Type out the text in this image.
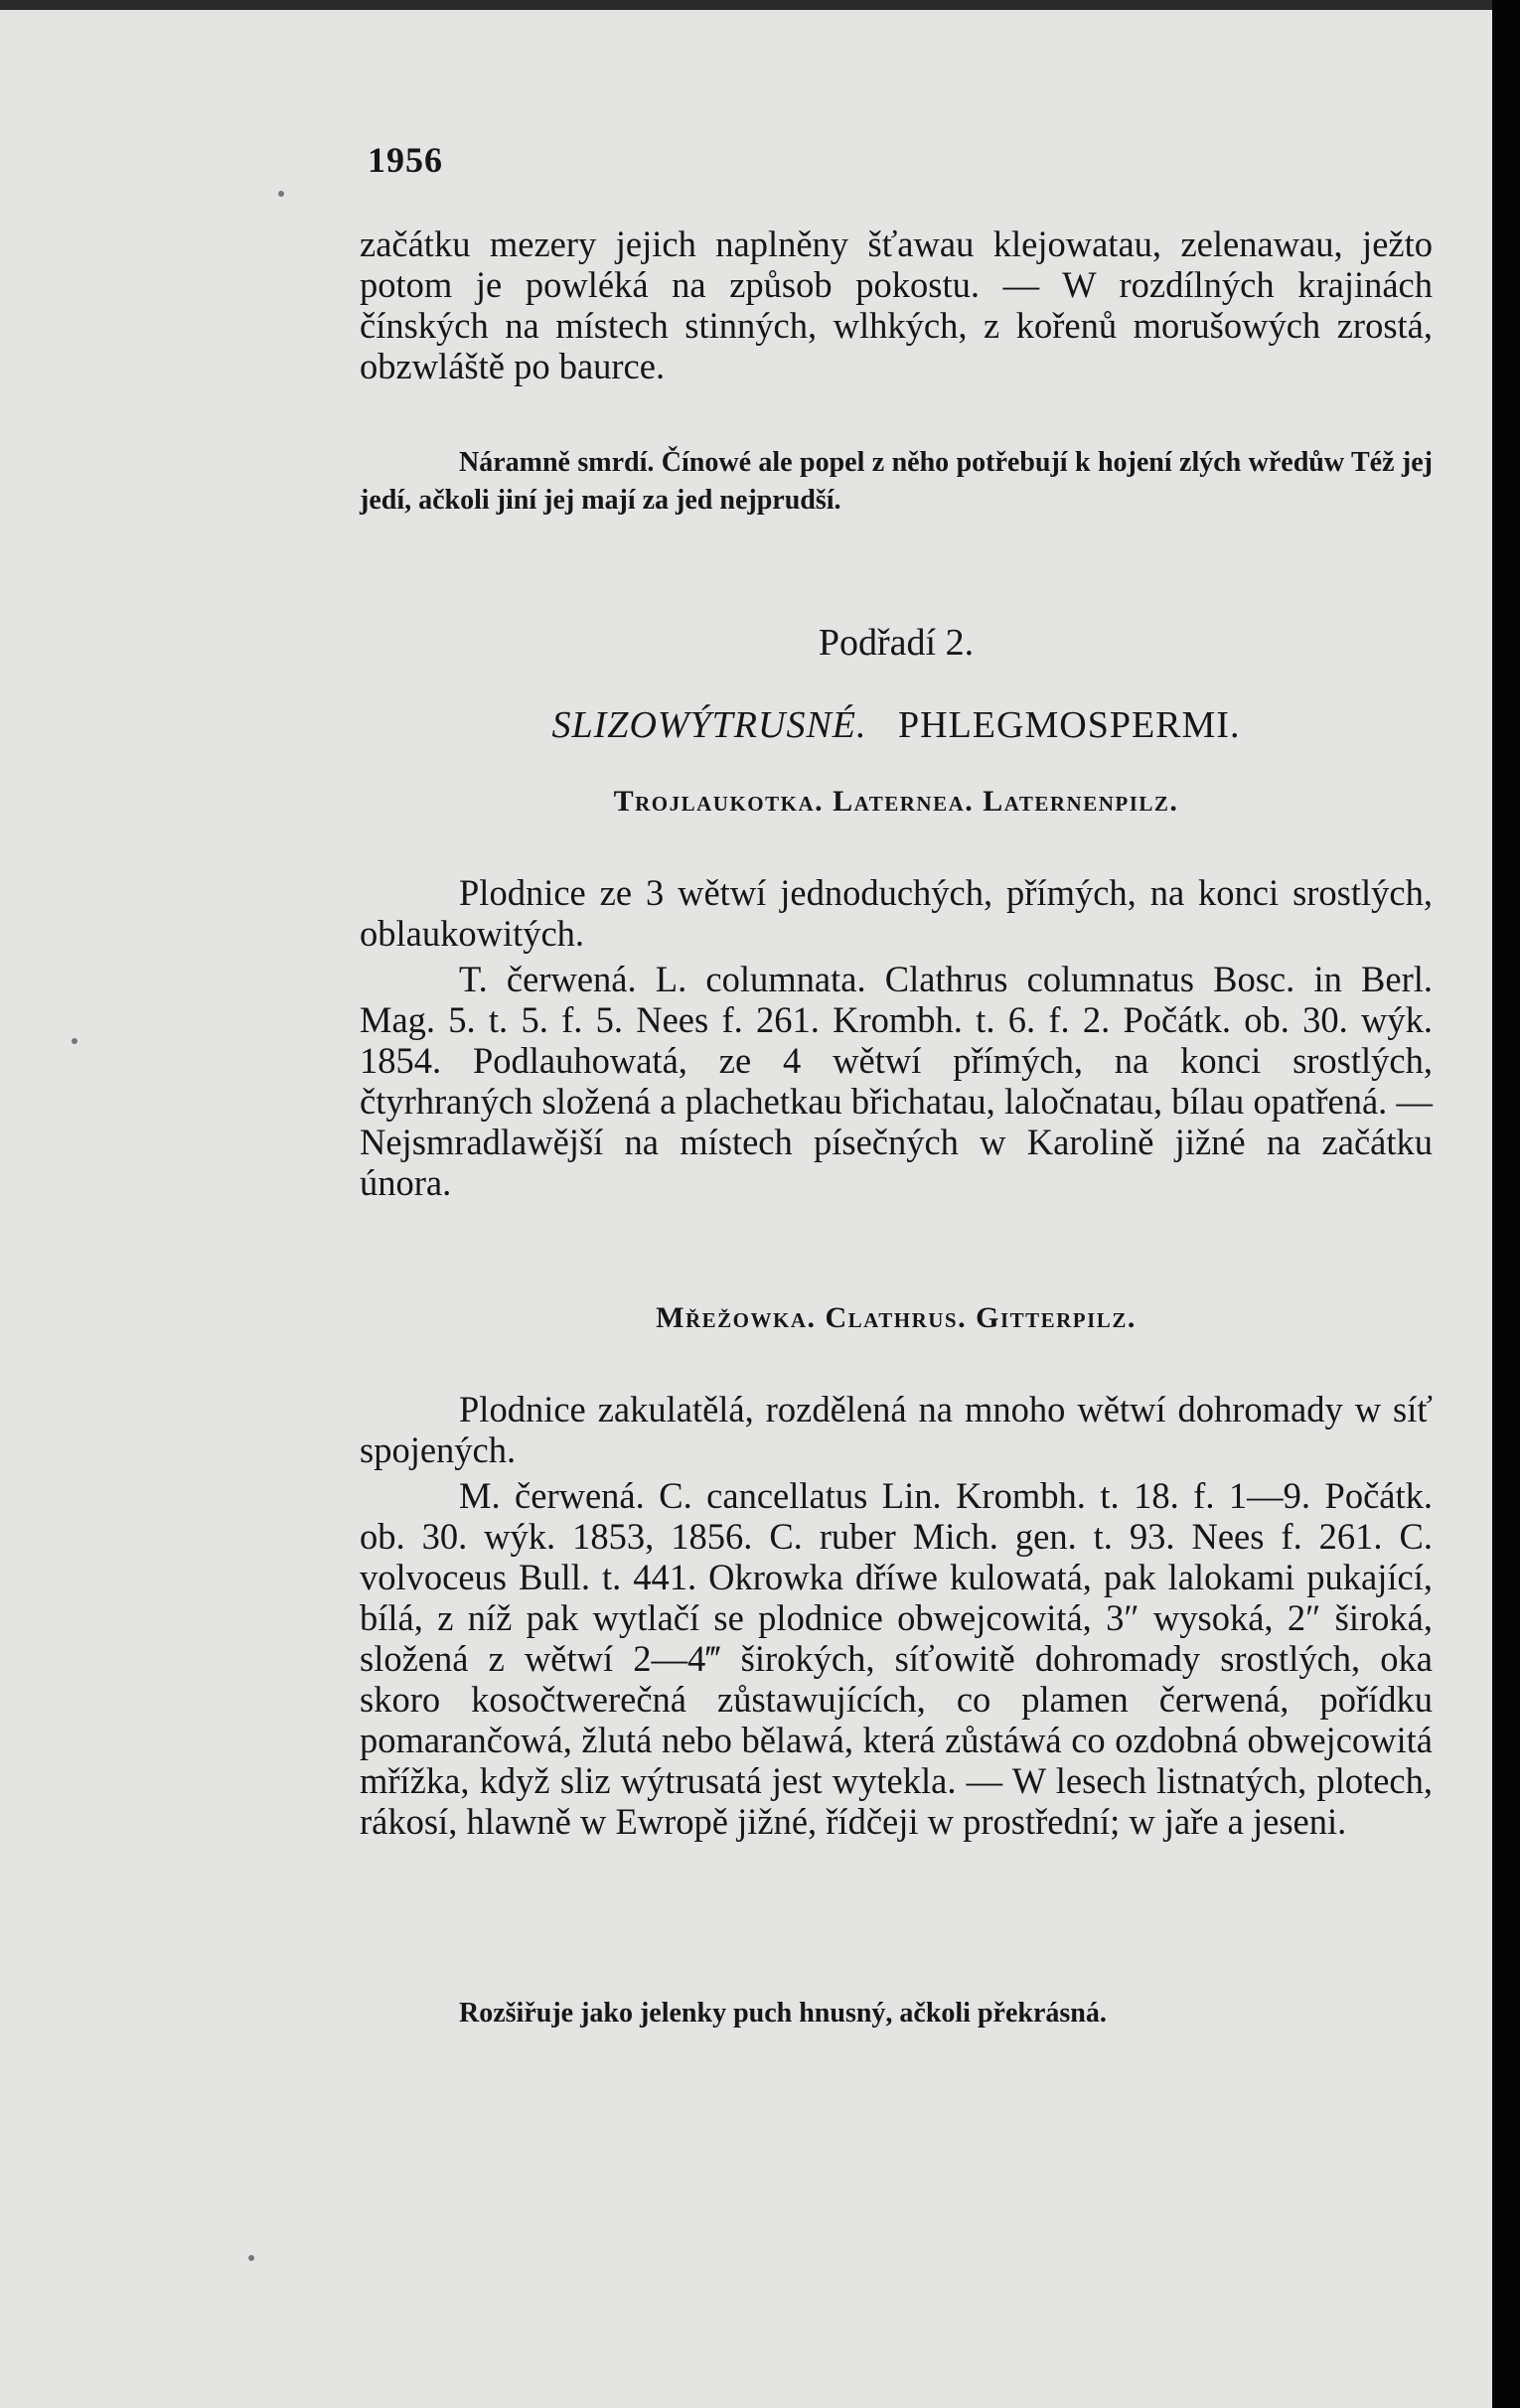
1956

začátku mezery jejich naplněny šťawau klejowatau, zelenawau, ježto potom je powléká na způsob pokostu. — W rozdílných krajinách čínských na místech stinných, wlhkých, z kořenů morušowých zrostá, obzwláště po baurce.

Náramně smrdí. Čínowé ale popel z něho potřebují k hojení zlých wředůw Též jej jedí, ačkoli jiní jej mají za jed nejprudší.

Podřadí 2.
SLIZOWÝTRUSNÉ. PHLEGMOSPERMI.
Trojlaukotka. Laternea. Laternenpilz.

Plodnice ze 3 wětwí jednoduchých, přímých, na konci srostlých, oblaukowitých.

T. čerwená. L. columnata. Clathrus columnatus Bosc. in Berl. Mag. 5. t. 5. f. 5. Nees f. 261. Krombh. t. 6. f. 2. Počátk. ob. 30. wýk. 1854. Podlauhowatá, ze 4 wětwí přímých, na konci srostlých, čtyrhraných složená a plachetkau břichatau, laločnatau, bílau opatřená. — Nejsmradlawější na místech písečných w Karolině jižné na začátku února.

Mřežowka. Clathrus. Gitterpilz.

Plodnice zakulatělá, rozdělená na mnoho wětwí dohromady w síť spojených.

M. čerwená. C. cancellatus Lin. Krombh. t. 18. f. 1—9. Počátk. ob. 30. wýk. 1853, 1856. C. ruber Mich. gen. t. 93. Nees f. 261. C. volvoceus Bull. t. 441. Okrowka dříwe kulowatá, pak lalokami pukající, bílá, z níž pak wytlačí se plodnice obwejcowitá, 3″ wysoká, 2″ široká, složená z wětwí 2—4‴ širokých, síťowitě dohromady srostlých, oka skoro kosočtwerečná zůstawujících, co plamen čerwená, pořídku pomarančowá, žlutá nebo bělawá, která zůstáwá co ozdobná obwejcowitá mřížka, když sliz wýtrusatá jest wytekla. — W lesech listnatých, plotech, rákosí, hlawně w Ewropě jižné, řídčeji w prostřední; w jaře a jeseni.

Rozšiřuje jako jelenky puch hnusný, ačkoli překrásná.
